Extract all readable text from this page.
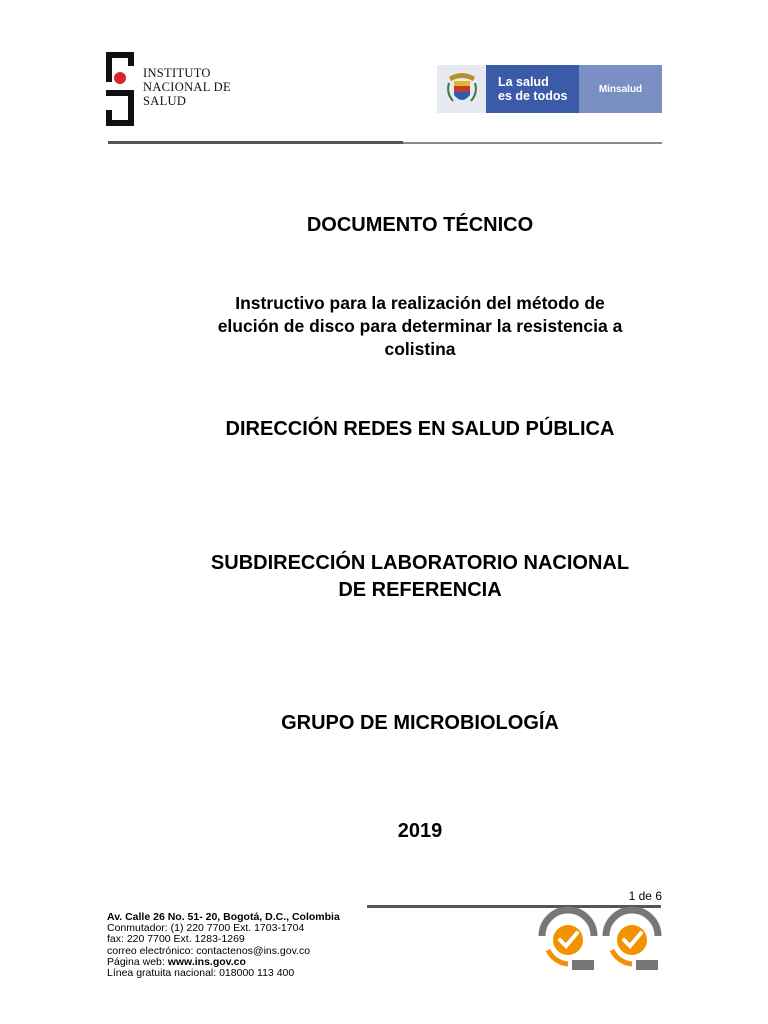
INSTITUTO
NACIONAL DE
SALUD
La salud
es de todos	Minsalud
DOCUMENTO TÉCNICO
Instructivo para la realización del método de
elución de disco para determinar la resistencia a
colistina
DIRECCIÓN REDES EN SALUD PÚBLICA
SUBDIRECCIÓN LABORATORIO NACIONAL
DE REFERENCIA
GRUPO DE MICROBIOLOGÍA
2019
1 de 6
Av. Calle 26 No. 51- 20, Bogotá, D.C., Colombia
Conmutador: (1) 220 7700 Ext. 1703-1704
fax: 220 7700 Ext. 1283-1269
correo electrónico: contactenos@ins.gov.co
Página web: www.ins.gov.co
Línea gratuita nacional: 018000 113 400
